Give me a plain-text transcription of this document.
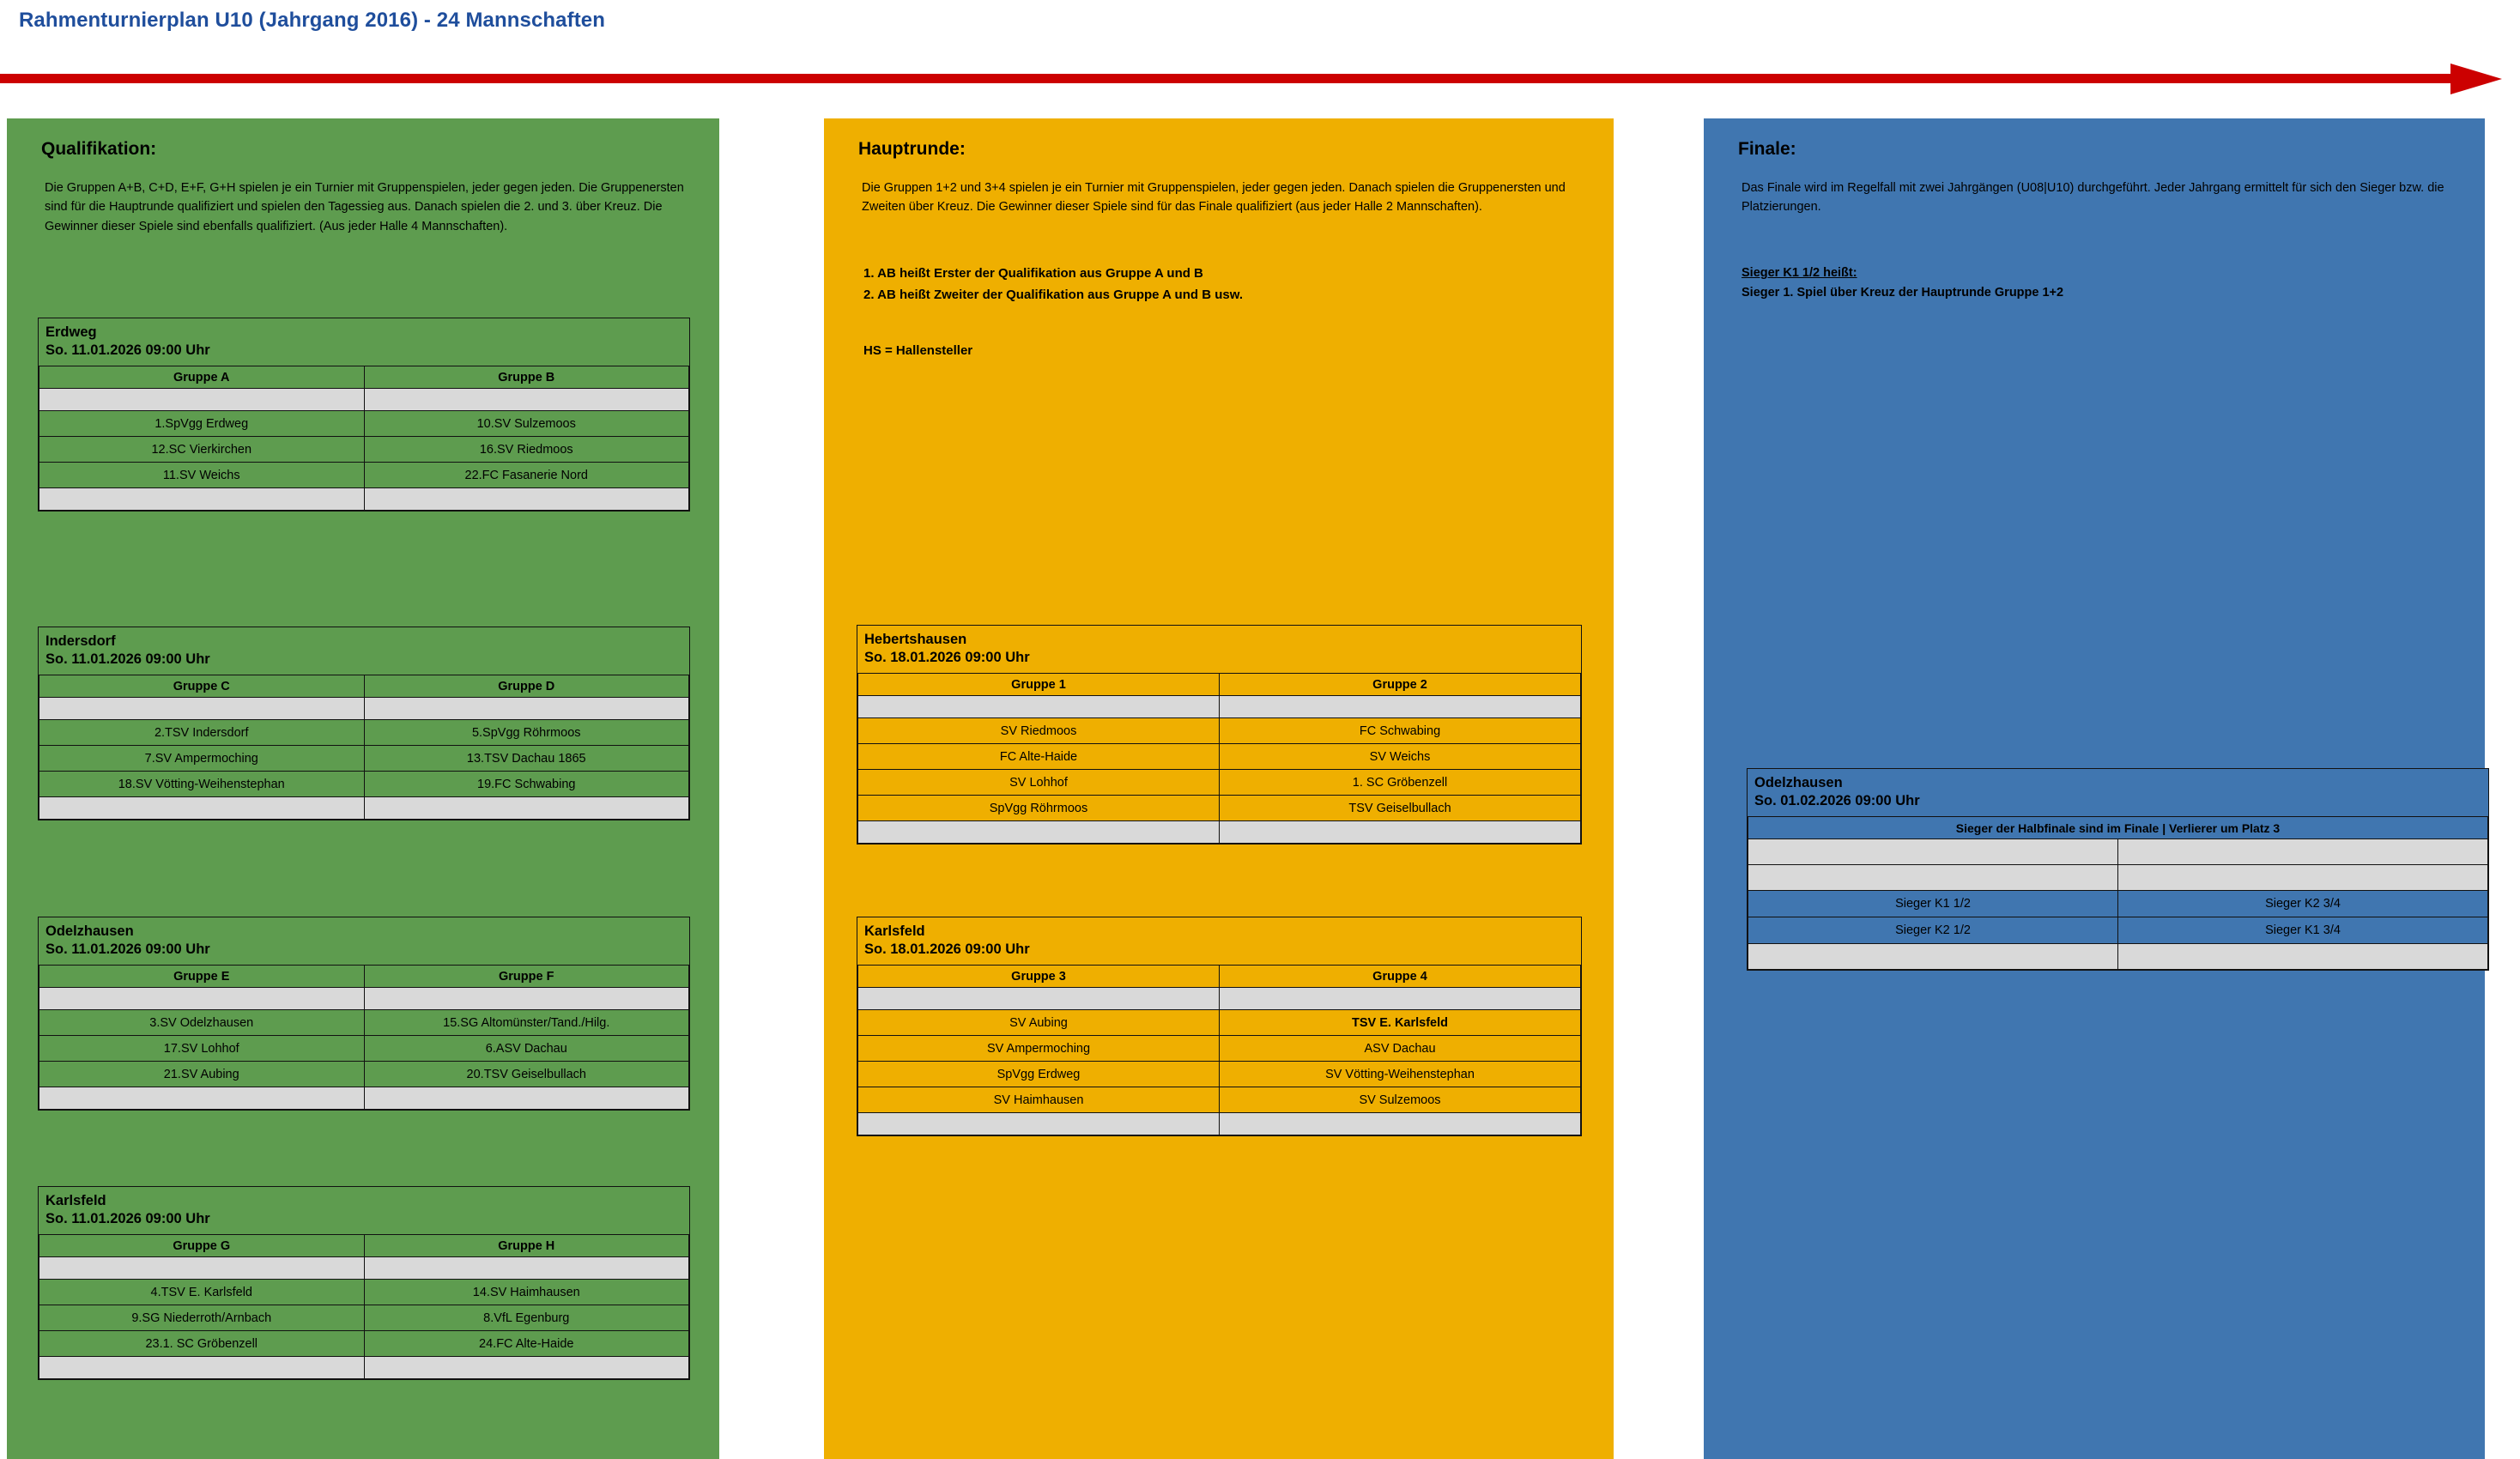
Rahmenturnierplan U10 (Jahrgang 2016) - 24 Mannschaften
Qualifikation:
Die Gruppen A+B, C+D, E+F, G+H spielen je ein Turnier mit Gruppenspielen, jeder gegen jeden. Die Gruppenersten sind für die Hauptrunde qualifiziert und spielen den Tagessieg aus. Danach spielen die 2. und 3. über Kreuz. Die Gewinner dieser Spiele sind ebenfalls qualifiziert. (Aus jeder Halle 4 Mannschaften).
Erdweg
So. 11.01.2026 09:00 Uhr
Gruppe A	Gruppe B

1.SpVgg Erdweg	10.SV Sulzemoos
12.SC Vierkirchen	16.SV Riedmoos
11.SV Weichs	22.FC Fasanerie Nord

Indersdorf
So. 11.01.2026 09:00 Uhr
Gruppe C	Gruppe D

2.TSV Indersdorf	5.SpVgg Röhrmoos
7.SV Ampermoching	13.TSV Dachau 1865
18.SV Vötting-Weihenstephan	19.FC Schwabing

Odelzhausen
So. 11.01.2026 09:00 Uhr
Gruppe E	Gruppe F

3.SV Odelzhausen	15.SG Altomünster/Tand./Hilg.
17.SV Lohhof	6.ASV Dachau
21.SV Aubing	20.TSV Geiselbullach

Karlsfeld
So. 11.01.2026 09:00 Uhr
Gruppe G	Gruppe H

4.TSV E. Karlsfeld	14.SV Haimhausen
9.SG Niederroth/Arnbach	8.VfL Egenburg
23.1. SC Gröbenzell	24.FC Alte-Haide

Hauptrunde:
Die Gruppen 1+2 und 3+4 spielen je ein Turnier mit Gruppenspielen, jeder gegen jeden. Danach spielen die Gruppenersten und Zweiten über Kreuz. Die Gewinner dieser Spiele sind für das Finale qualifiziert (aus jeder Halle 2 Mannschaften).
1. AB heißt Erster der Qualifikation aus Gruppe A und B
2. AB heißt Zweiter der Qualifikation aus Gruppe A und B usw.
HS = Hallensteller
Hebertshausen
So. 18.01.2026 09:00 Uhr
Gruppe 1	Gruppe 2

SV Riedmoos	FC Schwabing
FC Alte-Haide	SV Weichs
SV Lohhof	1. SC Gröbenzell
SpVgg Röhrmoos	TSV Geiselbullach

Karlsfeld
So. 18.01.2026 09:00 Uhr
Gruppe 3	Gruppe 4

SV Aubing	TSV E. Karlsfeld
SV Ampermoching	ASV Dachau
SpVgg Erdweg	SV Vötting-Weihenstephan
SV Haimhausen	SV Sulzemoos

Finale:
Das Finale wird im Regelfall mit zwei Jahrgängen (U08|U10) durchgeführt. Jeder Jahrgang ermittelt für sich den Sieger bzw. die Platzierungen.
Sieger K1 1/2 heißt:
Sieger 1. Spiel über Kreuz der Hauptrunde Gruppe 1+2
Odelzhausen
So. 01.02.2026 09:00 Uhr
Sieger der Halbfinale sind im Finale | Verlierer um Platz 3	

Sieger K1 1/2	Sieger K2 3/4
Sieger K2 1/2	Sieger K1 3/4
